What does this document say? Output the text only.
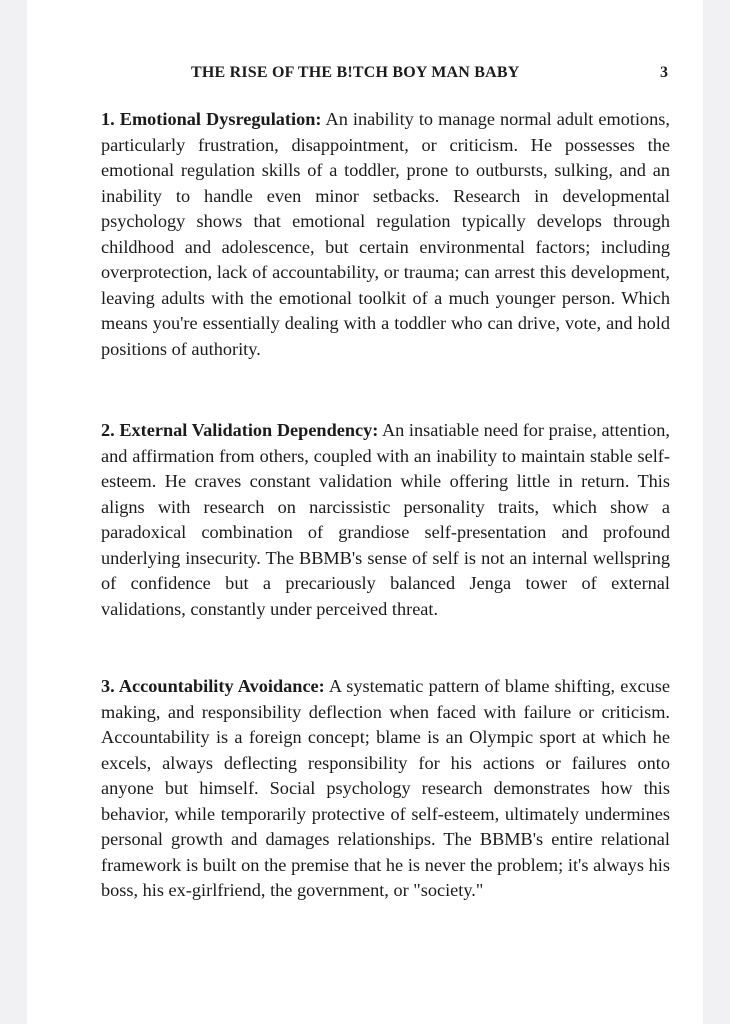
THE RISE OF THE B!TCH BOY MAN BABY	3

1. Emotional Dysregulation: An inability to manage normal adult emotions, particularly frustration, disappointment, or criticism. He possesses the emotional regulation skills of a toddler, prone to outbursts, sulking, and an inability to handle even minor setbacks. Research in developmental psychology shows that emotional regulation typically develops through childhood and adolescence, but certain environmental factors; including overprotection, lack of accountability, or trauma; can arrest this development, leaving adults with the emotional toolkit of a much younger person. Which means you're essentially dealing with a toddler who can drive, vote, and hold positions of authority.

2. External Validation Dependency: An insatiable need for praise, attention, and affirmation from others, coupled with an inability to maintain stable self-esteem. He craves constant validation while offering little in return. This aligns with research on narcissistic personality traits, which show a paradoxical combination of grandiose self-presentation and profound underlying insecurity. The BBMB's sense of self is not an internal wellspring of confidence but a precariously balanced Jenga tower of external validations, constantly under perceived threat.

3. Accountability Avoidance: A systematic pattern of blame shifting, excuse making, and responsibility deflection when faced with failure or criticism. Accountability is a foreign concept; blame is an Olympic sport at which he excels, always deflecting responsibility for his actions or failures onto anyone but himself. Social psychology research demonstrates how this behavior, while temporarily protective of self-esteem, ultimately undermines personal growth and damages relationships. The BBMB's entire relational framework is built on the premise that he is never the problem; it's always his boss, his ex-girlfriend, the government, or "society."
